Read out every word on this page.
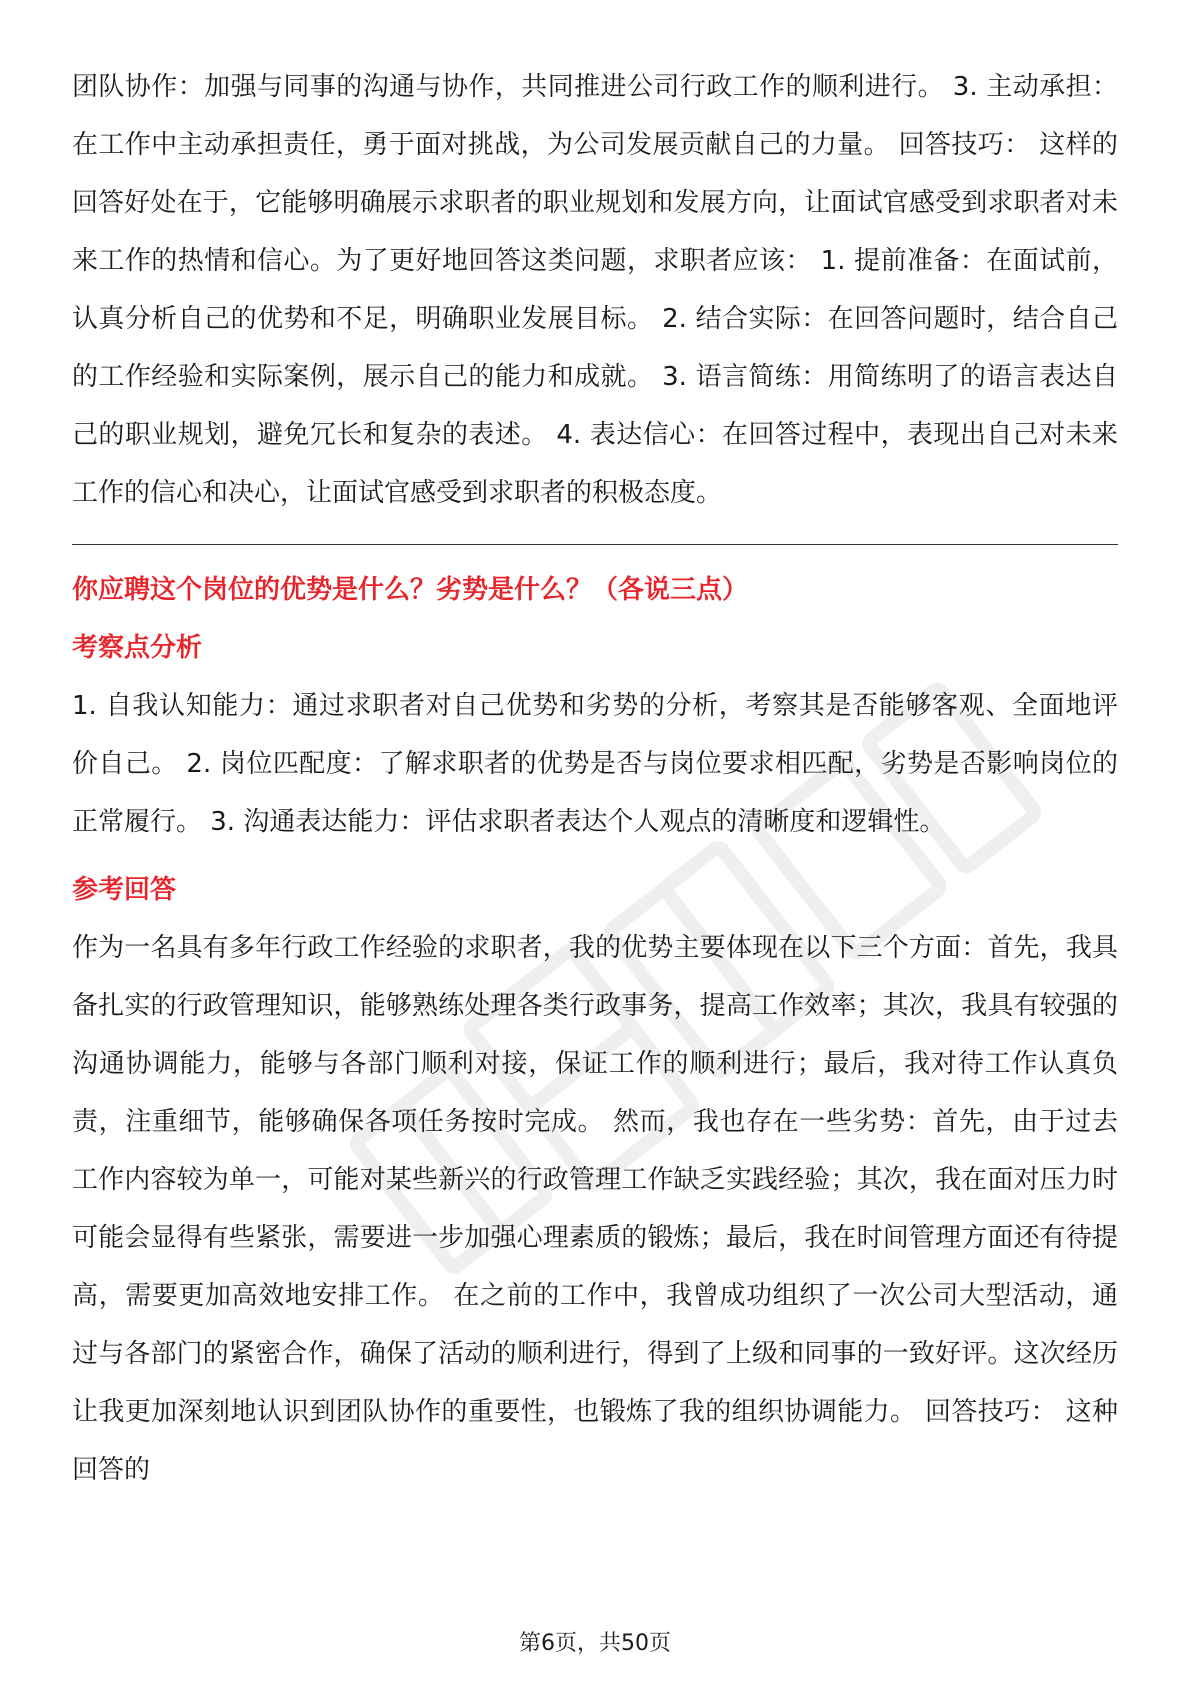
团队协作：加强与同事的沟通与协作，共同推进公司行政工作的顺利进行。 3. 主动承担：在工作中主动承担责任，勇于面对挑战，为公司发展贡献自己的力量。 回答技巧： 这样的回答好处在于，它能够明确展示求职者的职业规划和发展方向，让面试官感受到求职者对未来工作的热情和信心。为了更好地回答这类问题，求职者应该： 1. 提前准备：在面试前，认真分析自己的优势和不足，明确职业发展目标。 2. 结合实际：在回答问题时，结合自己的工作经验和实际案例，展示自己的能力和成就。 3. 语言简练：用简练明了的语言表达自己的职业规划，避免冗长和复杂的表述。 4. 表达信心：在回答过程中，表现出自己对未来工作的信心和决心，让面试官感受到求职者的积极态度。

你应聘这个岗位的优势是什么？劣势是什么？（各说三点）

考察点分析

1. 自我认知能力：通过求职者对自己优势和劣势的分析，考察其是否能够客观、全面地评价自己。 2. 岗位匹配度：了解求职者的优势是否与岗位要求相匹配，劣势是否影响岗位的正常履行。 3. 沟通表达能力：评估求职者表达个人观点的清晰度和逻辑性。

参考回答

作为一名具有多年行政工作经验的求职者，我的优势主要体现在以下三个方面：首先，我具备扎实的行政管理知识，能够熟练处理各类行政事务，提高工作效率；其次，我具有较强的沟通协调能力，能够与各部门顺利对接，保证工作的顺利进行；最后，我对待工作认真负责，注重细节，能够确保各项任务按时完成。 然而，我也存在一些劣势：首先，由于过去工作内容较为单一，可能对某些新兴的行政管理工作缺乏实践经验；其次，我在面对压力时可能会显得有些紧张，需要进一步加强心理素质的锻炼；最后，我在时间管理方面还有待提高，需要更加高效地安排工作。 在之前的工作中，我曾成功组织了一次公司大型活动，通过与各部门的紧密合作，确保了活动的顺利进行，得到了上级和同事的一致好评。这次经历让我更加深刻地认识到团队协作的重要性，也锻炼了我的组织协调能力。 回答技巧： 这种回答的

第6页，共50页
